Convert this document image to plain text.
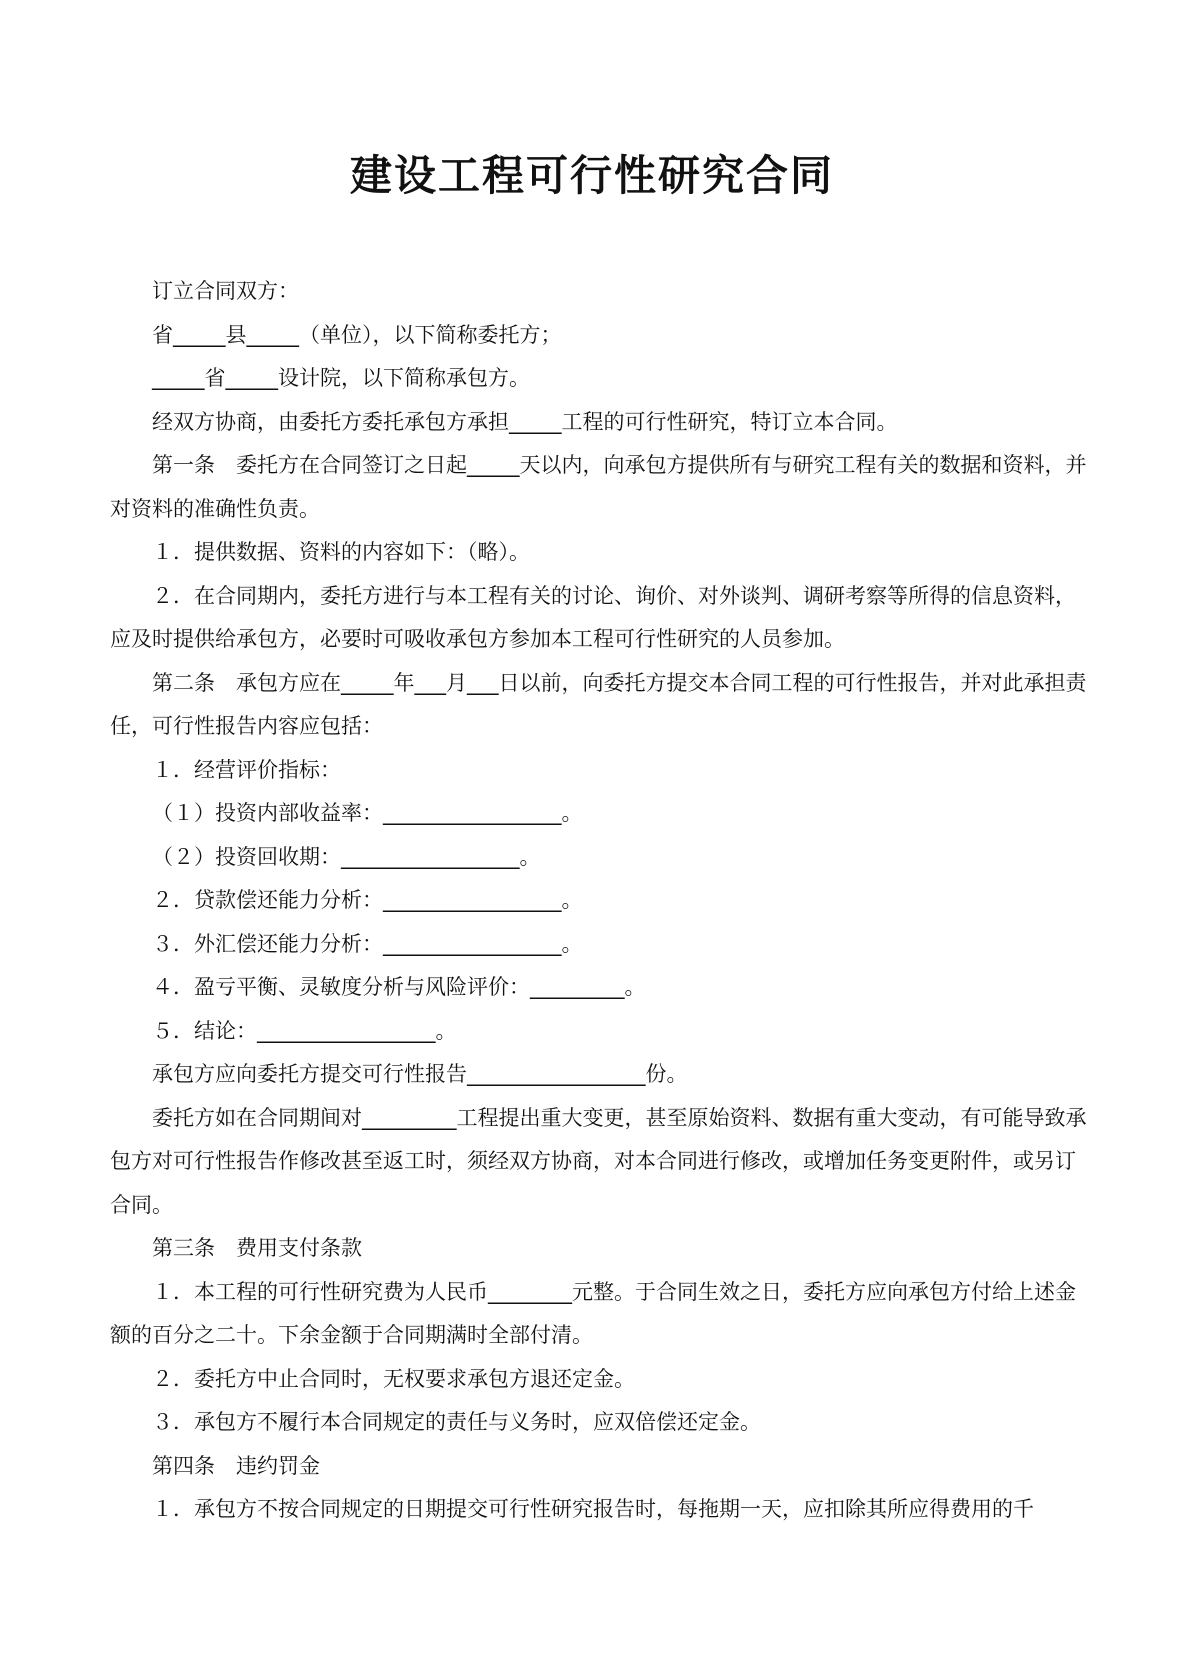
建设工程可行性研究合同

订立合同双方：

省_____县_____（单位），以下简称委托方；

_____省_____设计院，以下简称承包方。

经双方协商，由委托方委托承包方承担_____工程的可行性研究，特订立本合同。

第一条　委托方在合同签订之日起_____天以内，向承包方提供所有与研究工程有关的数据和资料，并对资料的准确性负责。

１．提供数据、资料的内容如下：（略）。

２．在合同期内，委托方进行与本工程有关的讨论、询价、对外谈判、调研考察等所得的信息资料，应及时提供给承包方，必要时可吸收承包方参加本工程可行性研究的人员参加。

第二条　承包方应在_____年___月___日以前，向委托方提交本合同工程的可行性报告，并对此承担责任，可行性报告内容应包括：

１．经营评价指标：

（１）投资内部收益率：_________________。

（２）投资回收期：_________________。

２．贷款偿还能力分析：_________________。

３．外汇偿还能力分析：_________________。

４．盈亏平衡、灵敏度分析与风险评价：_________。

５．结论：_________________。

承包方应向委托方提交可行性报告_________________份。

委托方如在合同期间对_________工程提出重大变更，甚至原始资料、数据有重大变动，有可能导致承包方对可行性报告作修改甚至返工时，须经双方协商，对本合同进行修改，或增加任务变更附件，或另订合同。

第三条　费用支付条款

１．本工程的可行性研究费为人民币________元整。于合同生效之日，委托方应向承包方付给上述金额的百分之二十。下余金额于合同期满时全部付清。

２．委托方中止合同时，无权要求承包方退还定金。

３．承包方不履行本合同规定的责任与义务时，应双倍偿还定金。

第四条　违约罚金

１．承包方不按合同规定的日期提交可行性研究报告时，每拖期一天，应扣除其所应得费用的千
